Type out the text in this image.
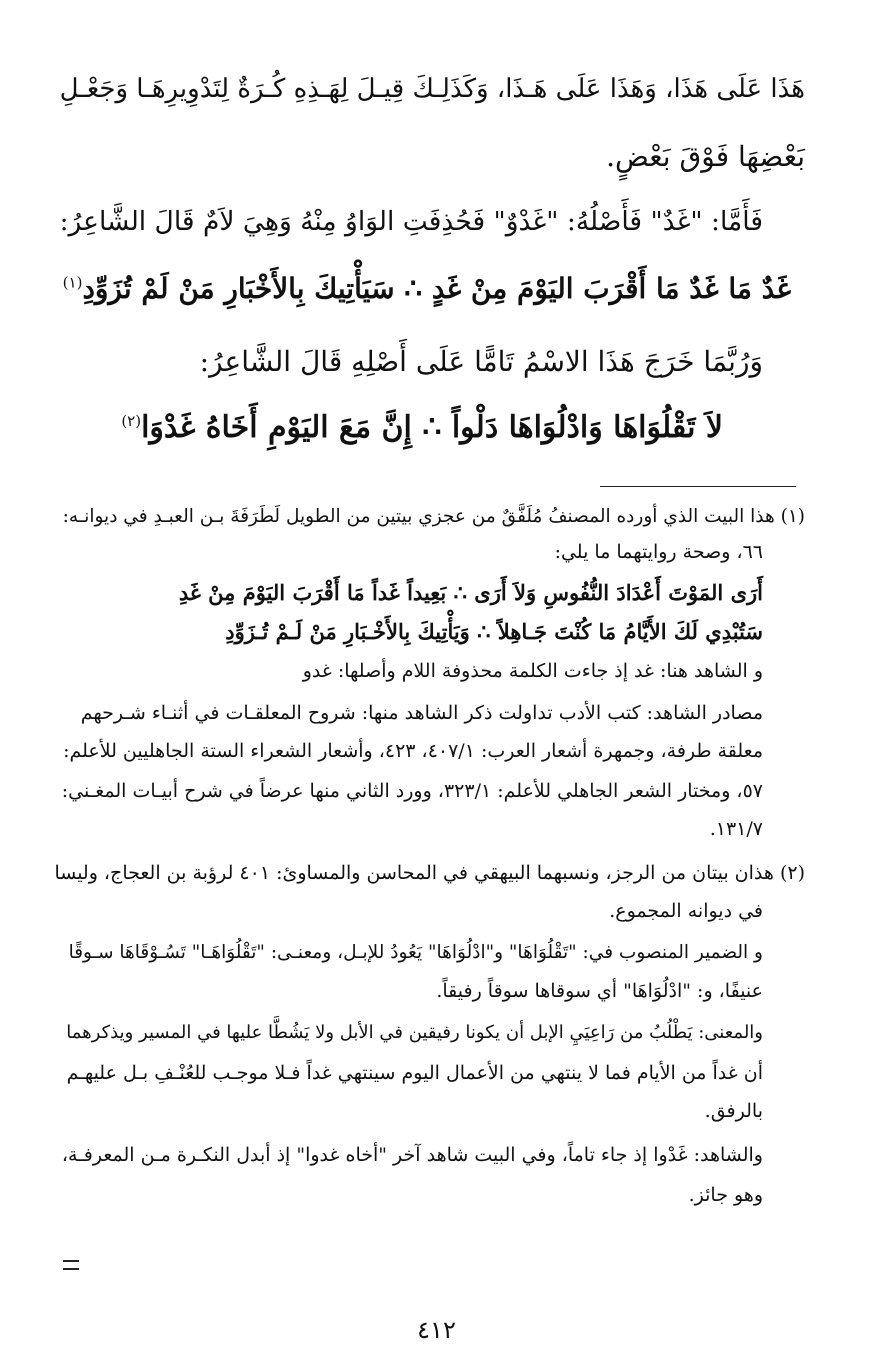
هَذَا عَلَى هَذَا، وَهَذَا عَلَى هَـذَا، وَكَذَلِـكَ قِيـلَ لِهَـذِهِ كُـرَةٌ لِتَدْوِيرِهَـا وَجَعْـلِ
بَعْضِهَا فَوْقَ بَعْضٍ.
فَأَمَّا: "غَدٌ" فَأَصْلُهُ: "غَدْوٌ" فَحُذِفَتِ الوَاوُ مِنْهُ وَهِيَ لاَمٌ قَالَ الشَّاعِرُ:
غَدٌ مَا غَدٌ مَا أَقْرَبَ اليَوْمَ مِنْ غَدٍ ∴ سَيَأْتِيكَ بِالأَخْبَارِ مَنْ لَمْ تُزَوِّدِ$^{(١)}$
وَرُبَّمَا خَرَجَ هَذَا الاسْمُ تَامًّا عَلَى أَصْلِهِ قَالَ الشَّاعِرُ:
لاَ تَقْلُوَاهَا وَادْلُوَاهَا دَلْواً ∴ إِنَّ مَعَ اليَوْمِ أَخَاهُ غَدْوَا$^{(٢)}$
(١) هذا البيت الذي أورده المصنفُ مُلَفَّقٌ من عجزي بيتين من الطويل لَطَرَفَةَ بـن العبـدِ في ديوانـه:
٦٦، وصحة روايتهما ما يلي:
أَرَى المَوْتَ أَعْدَادَ النُّفُوسِ وَلاَ أَرَى ∴ بَعِيداً غَداً مَا أَقْرَبَ اليَوْمَ مِنْ غَدِ
سَتُبْدِي لَكَ الأَيَّامُ مَا كُنْتَ جَـاهِلاً ∴ وَيَأْتِيكَ بِالأَخْـبَارِ مَنْ لَـمْ تُـزَوِّدِ
و الشاهد هنا: غد إذ جاءت الكلمة محذوفة اللام وأصلها: غدو
مصادر الشاهد: كتب الأدب تداولت ذكر الشاهد منها: شروح المعلقـات في أثنـاء شـرحهم
معلقة طرفة، وجمهرة أشعار العرب: ٤٠٧/١، ٤٢٣، وأشعار الشعراء الستة الجاهليين للأعلم:
٥٧، ومختار الشعر الجاهلي للأعلم: ٣٢٣/١، وورد الثاني منها عرضاً في شرح أبيـات المغـني:
١٣١/٧.
(٢) هذان بيتان من الرجز، ونسبهما البيهقي في المحاسن والمساوئ: ٤٠١ لرؤبة بن العجاج، وليسا
في ديوانه المجموع.
و الضمير المنصوب في: "تَقْلُوَاهَا" و"ادْلُوَاهَا" يَعُودُ للإبـل، ومعنـى: "تَقْلُوَاهَـا" تَسُـوْقَاهَا سـوقًا
عنيفًا، و: "ادْلُوَاهَا" أي سوقاها سوقاً رفيقاً.
والمعنى: يَطْلُبُ من رَاعِيَيِ الإبل أن يكونا رفيقين في الأبل ولا يَشُطَّا عليها في المسير ويذكرهما
أن غداً من الأيام فما لا ينتهي من الأعمال اليوم سينتهي غداً فـلا موجـب للعُنْـفِ بـل عليهـم
بالرفق.
والشاهد: غَدْوا إذ جاء تاماً، وفي البيت شاهد آخر "أخاه غدوا" إذ أبدل النكـرة مـن المعرفـة،
وهو جائز.
٤١٢
